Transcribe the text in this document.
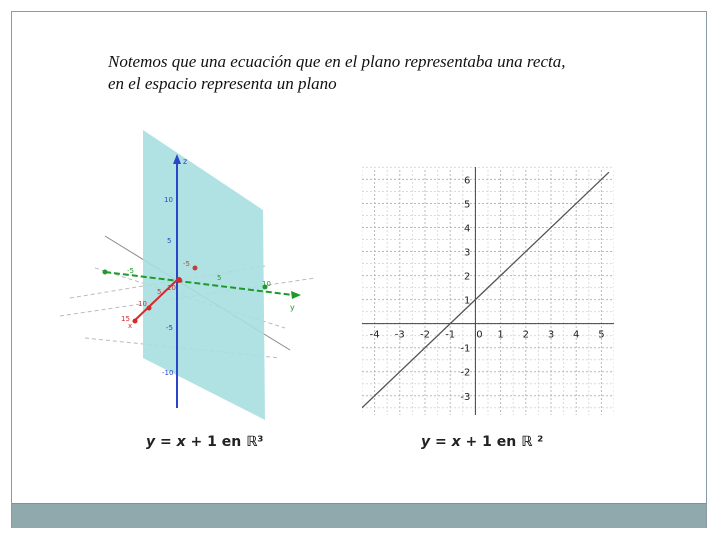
Notemos que una ecuación que en el plano representaba una recta,
en el espacio representa un plano
z
y
x
10
5
-5
-10
-5
-5
5
10
10
5
10
15
-4 -3 -2 -1 0 1 2 3 4 5
-3
-2
-1
1
2
3
4
5
6
y = x + 1 en ℝ³	y = x + 1 en ℝ ²
